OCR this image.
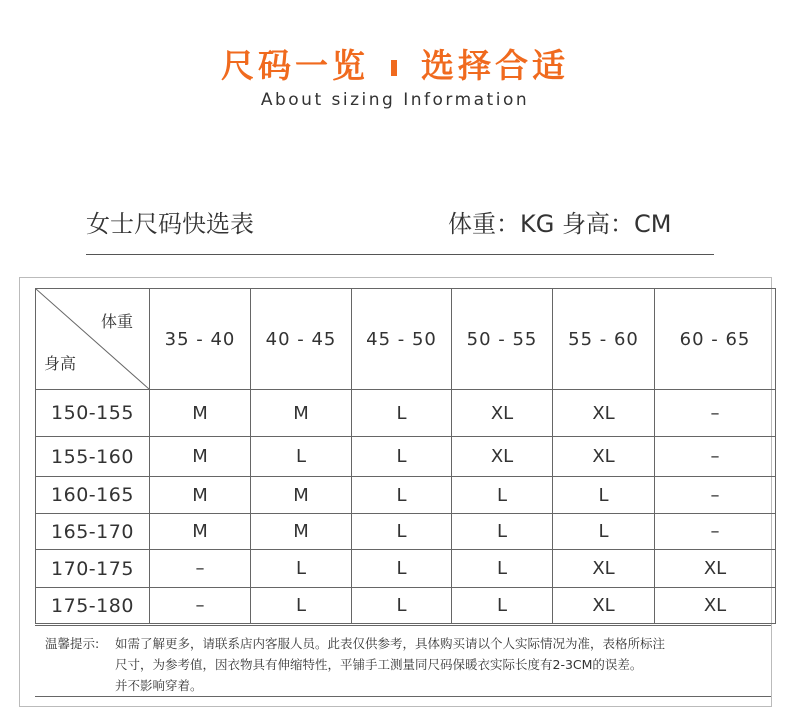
尺码一览 选择合适
About sizing Information
女士尺码快选表	体重：KG 身高：CM
体重
身高	35 - 40	40 - 45	45 - 50	50 - 55	55 - 60	60 - 65
150-155	M	M	L	XL	XL	–
155-160	M	L	L	XL	XL	–
160-165	M	M	L	L	L	–
165-170	M	M	L	L	L	–
170-175	–	L	L	L	XL	XL
175-180	–	L	L	L	XL	XL
温馨提示: 如需了解更多，请联系店内客服人员。此表仅供参考，具体购买请以个人实际情况为准，表格所标注
尺寸，为参考值，因衣物具有伸缩特性，平铺手工测量同尺码保暖衣实际长度有2-3CM的误差。
并不影响穿着。
